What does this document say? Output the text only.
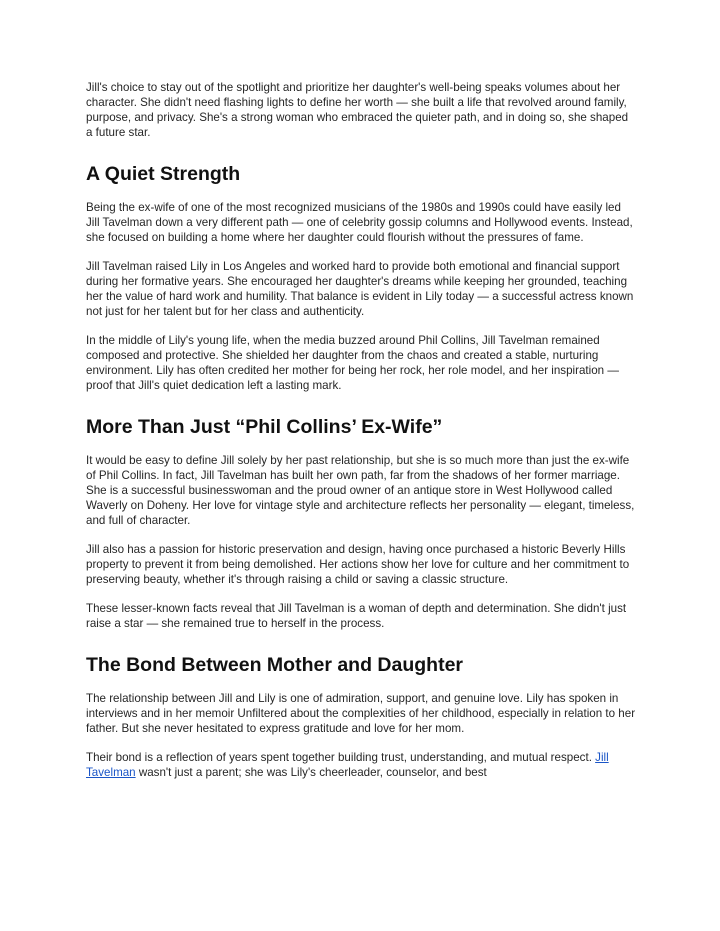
Jill's choice to stay out of the spotlight and prioritize her daughter's well-being speaks volumes about her character. She didn't need flashing lights to define her worth — she built a life that revolved around family, purpose, and privacy. She's a strong woman who embraced the quieter path, and in doing so, she shaped a future star.

A Quiet Strength

Being the ex-wife of one of the most recognized musicians of the 1980s and 1990s could have easily led Jill Tavelman down a very different path — one of celebrity gossip columns and Hollywood events. Instead, she focused on building a home where her daughter could flourish without the pressures of fame.

Jill Tavelman raised Lily in Los Angeles and worked hard to provide both emotional and financial support during her formative years. She encouraged her daughter's dreams while keeping her grounded, teaching her the value of hard work and humility. That balance is evident in Lily today — a successful actress known not just for her talent but for her class and authenticity.

In the middle of Lily's young life, when the media buzzed around Phil Collins, Jill Tavelman remained composed and protective. She shielded her daughter from the chaos and created a stable, nurturing environment. Lily has often credited her mother for being her rock, her role model, and her inspiration — proof that Jill's quiet dedication left a lasting mark.

More Than Just “Phil Collins’ Ex-Wife”

It would be easy to define Jill solely by her past relationship, but she is so much more than just the ex-wife of Phil Collins. In fact, Jill Tavelman has built her own path, far from the shadows of her former marriage. She is a successful businesswoman and the proud owner of an antique store in West Hollywood called Waverly on Doheny. Her love for vintage style and architecture reflects her personality — elegant, timeless, and full of character.

Jill also has a passion for historic preservation and design, having once purchased a historic Beverly Hills property to prevent it from being demolished. Her actions show her love for culture and her commitment to preserving beauty, whether it's through raising a child or saving a classic structure.

These lesser-known facts reveal that Jill Tavelman is a woman of depth and determination. She didn't just raise a star — she remained true to herself in the process.

The Bond Between Mother and Daughter

The relationship between Jill and Lily is one of admiration, support, and genuine love. Lily has spoken in interviews and in her memoir Unfiltered about the complexities of her childhood, especially in relation to her father. But she never hesitated to express gratitude and love for her mom.

Their bond is a reflection of years spent together building trust, understanding, and mutual respect. Jill Tavelman wasn't just a parent; she was Lily's cheerleader, counselor, and best
